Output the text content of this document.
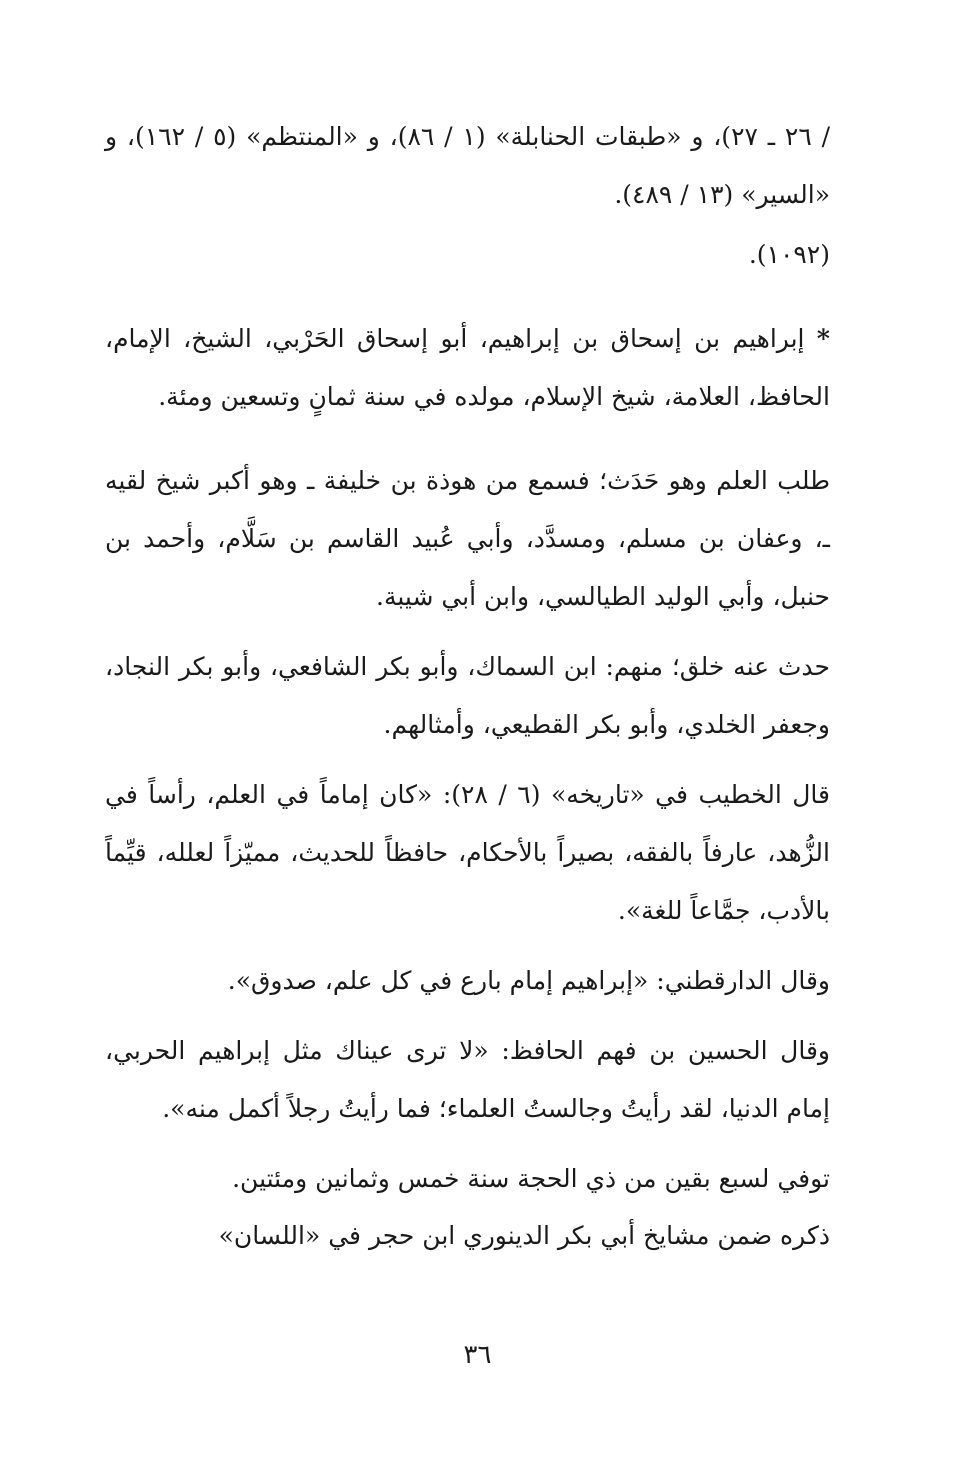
/ ٢٦ ـ ٢٧)، و «طبقات الحنابلة» (١ / ٨٦)، و «المنتظم» (٥ / ١٦٢)، و «السير» (١٣ / ٤٨٩).

(١٠٩٢).

* إبراهيم بن إسحاق بن إبراهيم، أبو إسحاق الحَرْبي، الشيخ، الإمام، الحافظ، العلامة، شيخ الإسلام، مولده في سنة ثمانٍ وتسعين ومئة.

طلب العلم وهو حَدَث؛ فسمع من هوذة بن خليفة ـ وهو أكبر شيخ لقيه ـ، وعفان بن مسلم، ومسدَّد، وأبي عُبيد القاسم بن سَلَّام، وأحمد بن حنبل، وأبي الوليد الطيالسي، وابن أبي شيبة.

حدث عنه خلق؛ منهم: ابن السماك، وأبو بكر الشافعي، وأبو بكر النجاد، وجعفر الخلدي، وأبو بكر القطيعي، وأمثالهم.

قال الخطيب في «تاريخه» (٦ / ٢٨): «كان إماماً في العلم، رأساً في الزُّهد، عارفاً بالفقه، بصيراً بالأحكام، حافظاً للحديث، مميّزاً لعلله، قيِّماً بالأدب، جمَّاعاً للغة».

وقال الدارقطني: «إبراهيم إمام بارع في كل علم، صدوق».

وقال الحسين بن فهم الحافظ: «لا ترى عيناك مثل إبراهيم الحربي، إمام الدنيا، لقد رأيتُ وجالستُ العلماء؛ فما رأيتُ رجلاً أكمل منه».

توفي لسبع بقين من ذي الحجة سنة خمس وثمانين ومئتين.

ذكره ضمن مشايخ أبي بكر الدينوري ابن حجر في «اللسان»

٣٦
